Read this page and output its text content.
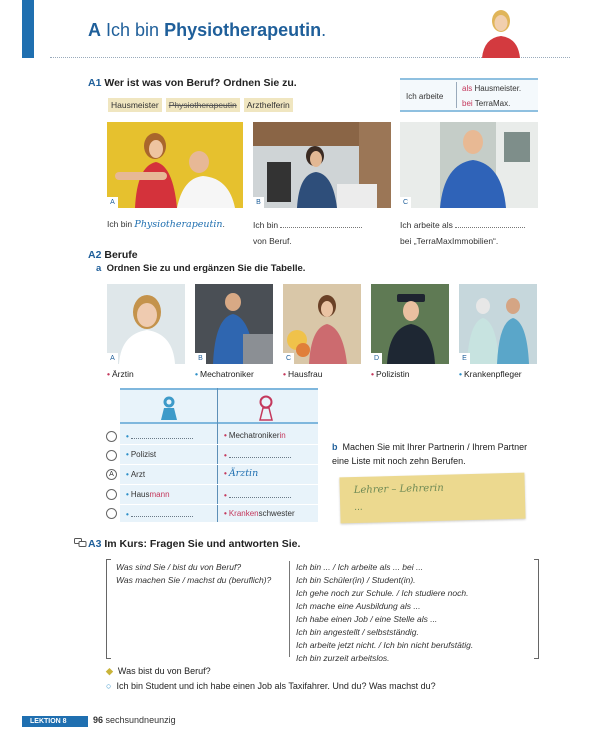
A Ich bin Physiotherapeutin.
A1 Wer ist was von Beruf? Ordnen Sie zu.
Hausmeister	Physiotherapeutin	Arzthelferin
Ich arbeite
als Hausmeister.
bei TerraMax.
A	B	C
Ich bin Physiotherapeutin.	Ich bin
von Beruf.
Ich arbeite als
bei „TerraMaxImmobilien“.
A2 Berufe
a Ordnen Sie zu und ergänzen Sie die Tabelle.
A	B	C	D	E
• Ärztin	• Mechatroniker	• Hausfrau	• Polizistin	• Krankenpfleger
•	• Mechatronikerin
• Polizist	•
• Arzt	• Ärztin
• Hausmann	•
•	• Krankenschwester
A
b Machen Sie mit Ihrer Partnerin / Ihrem Partner eine Liste mit noch zehn Berufen.
Lehrer – Lehrerin
...
A3 Im Kurs: Fragen Sie und antworten Sie.
Was sind Sie / bist du von Beruf?
Was machen Sie / machst du (beruflich)?
Ich bin ... / Ich arbeite als ... bei ...
Ich bin Schüler(in) / Student(in).
Ich gehe noch zur Schule. / Ich studiere noch.
Ich mache eine Ausbildung als ...
Ich habe einen Job / eine Stelle als ...
Ich bin angestellt / selbstständig.
Ich arbeite jetzt nicht. / Ich bin nicht berufstätig.
Ich bin zurzeit arbeitslos.
◆ Was bist du von Beruf?
○ Ich bin Student und ich habe einen Job als Taxifahrer. Und du? Was machst du?
LEKTION 8	96 sechsundneunzig
